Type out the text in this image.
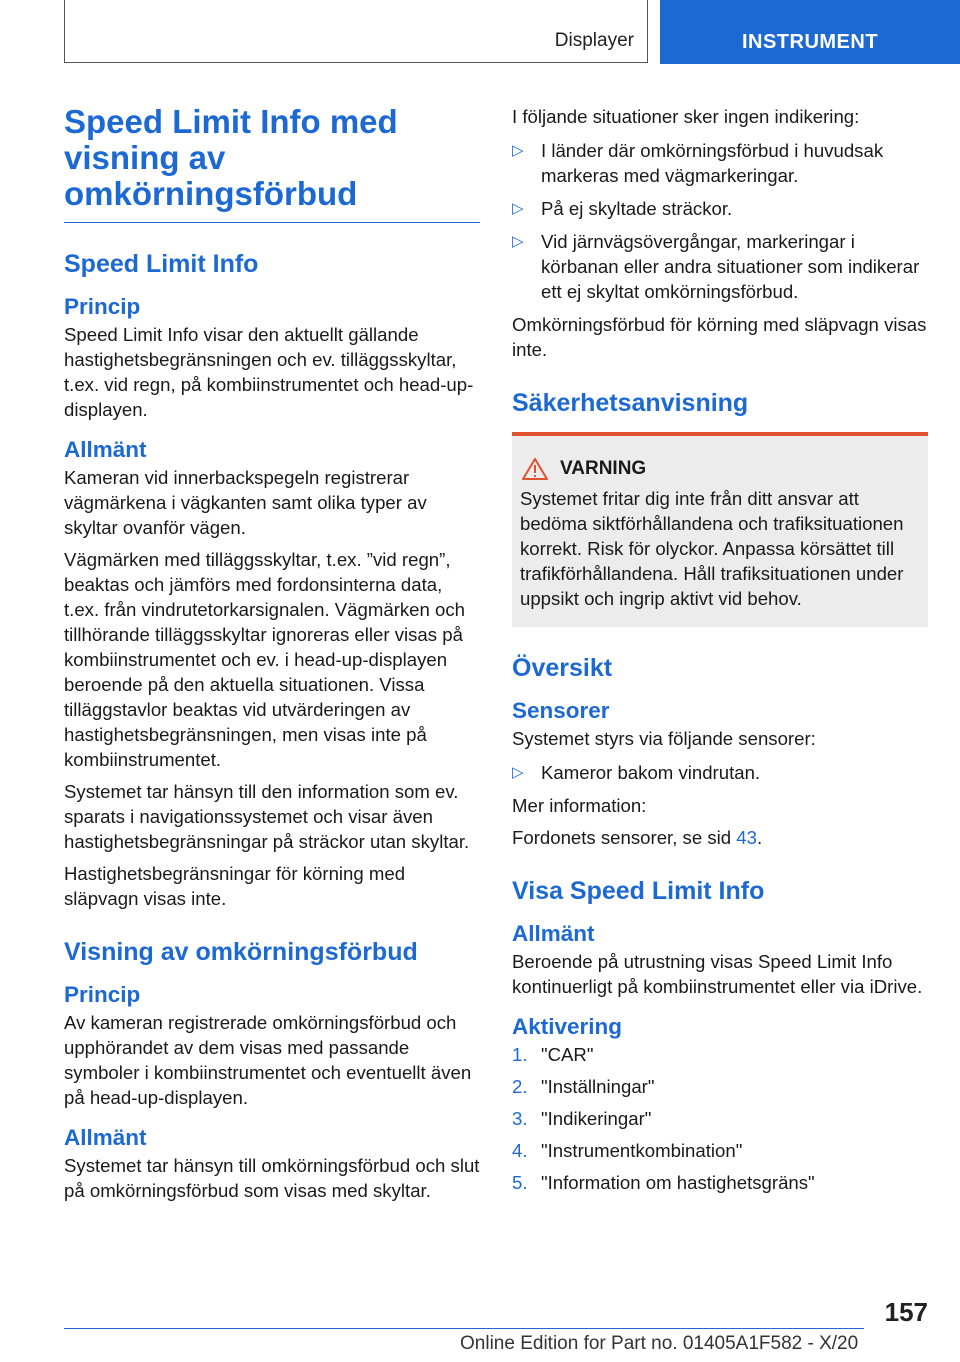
Displayer	INSTRUMENT
Speed Limit Info med visning av omkörningsförbud
Speed Limit Info
Princip

Speed Limit Info visar den aktuellt gällande hastighetsbegränsningen och ev. tilläggsskyltar, t.ex. vid regn, på kombiinstrumentet och head-up-displayen.

Allmänt

Kameran vid innerbackspegeln registrerar vägmärkena i vägkanten samt olika typer av skyltar ovanför vägen.

Vägmärken med tilläggsskyltar, t.ex. ”vid regn”, beaktas och jämförs med fordonsinterna data, t.ex. från vindrutetorkarsignalen. Vägmärken och tillhörande tilläggsskyltar ignoreras eller visas på kombiinstrumentet och ev. i head-up-displayen beroende på den aktuella situationen. Vissa tilläggstavlor beaktas vid utvärderingen av hastighetsbegränsningen, men visas inte på kombiinstrumentet.

Systemet tar hänsyn till den information som ev. sparats i navigationssystemet och visar även hastighetsbegränsningar på sträckor utan skyltar.

Hastighetsbegränsningar för körning med släpvagn visas inte.

Visning av omkörningsförbud
Princip

Av kameran registrerade omkörningsförbud och upphörandet av dem visas med passande symboler i kombiinstrumentet och eventuellt även på head-up-displayen.

Allmänt

Systemet tar hänsyn till omkörningsförbud och slut på omkörningsförbud som visas med skyltar.

I följande situationer sker ingen indikering:

▷ I länder där omkörningsförbud i huvudsak markeras med vägmarkeringar.
▷ På ej skyltade sträckor.
▷ Vid järnvägsövergångar, markeringar i körbanan eller andra situationer som indikerar ett ej skyltat omkörningsförbud.

Omkörningsförbud för körning med släpvagn visas inte.

Säkerhetsanvisning
VARNING

Systemet fritar dig inte från ditt ansvar att bedöma siktförhållandena och trafiksituationen korrekt. Risk för olyckor. Anpassa körsättet till trafikförhållandena. Håll trafiksituationen under uppsikt och ingrip aktivt vid behov.

Översikt
Sensorer

Systemet styrs via följande sensorer:

▷ Kameror bakom vindrutan.

Mer information:

Fordonets sensorer, se sid 43.

Visa Speed Limit Info
Allmänt

Beroende på utrustning visas Speed Limit Info kontinuerligt på kombiinstrumentet eller via iDrive.

Aktivering
1. "CAR"
2. "Inställningar"
3. "Indikeringar"
4. "Instrumentkombination"
5. "Information om hastighetsgräns"
157
Online Edition for Part no. 01405A1F582 - X/20
